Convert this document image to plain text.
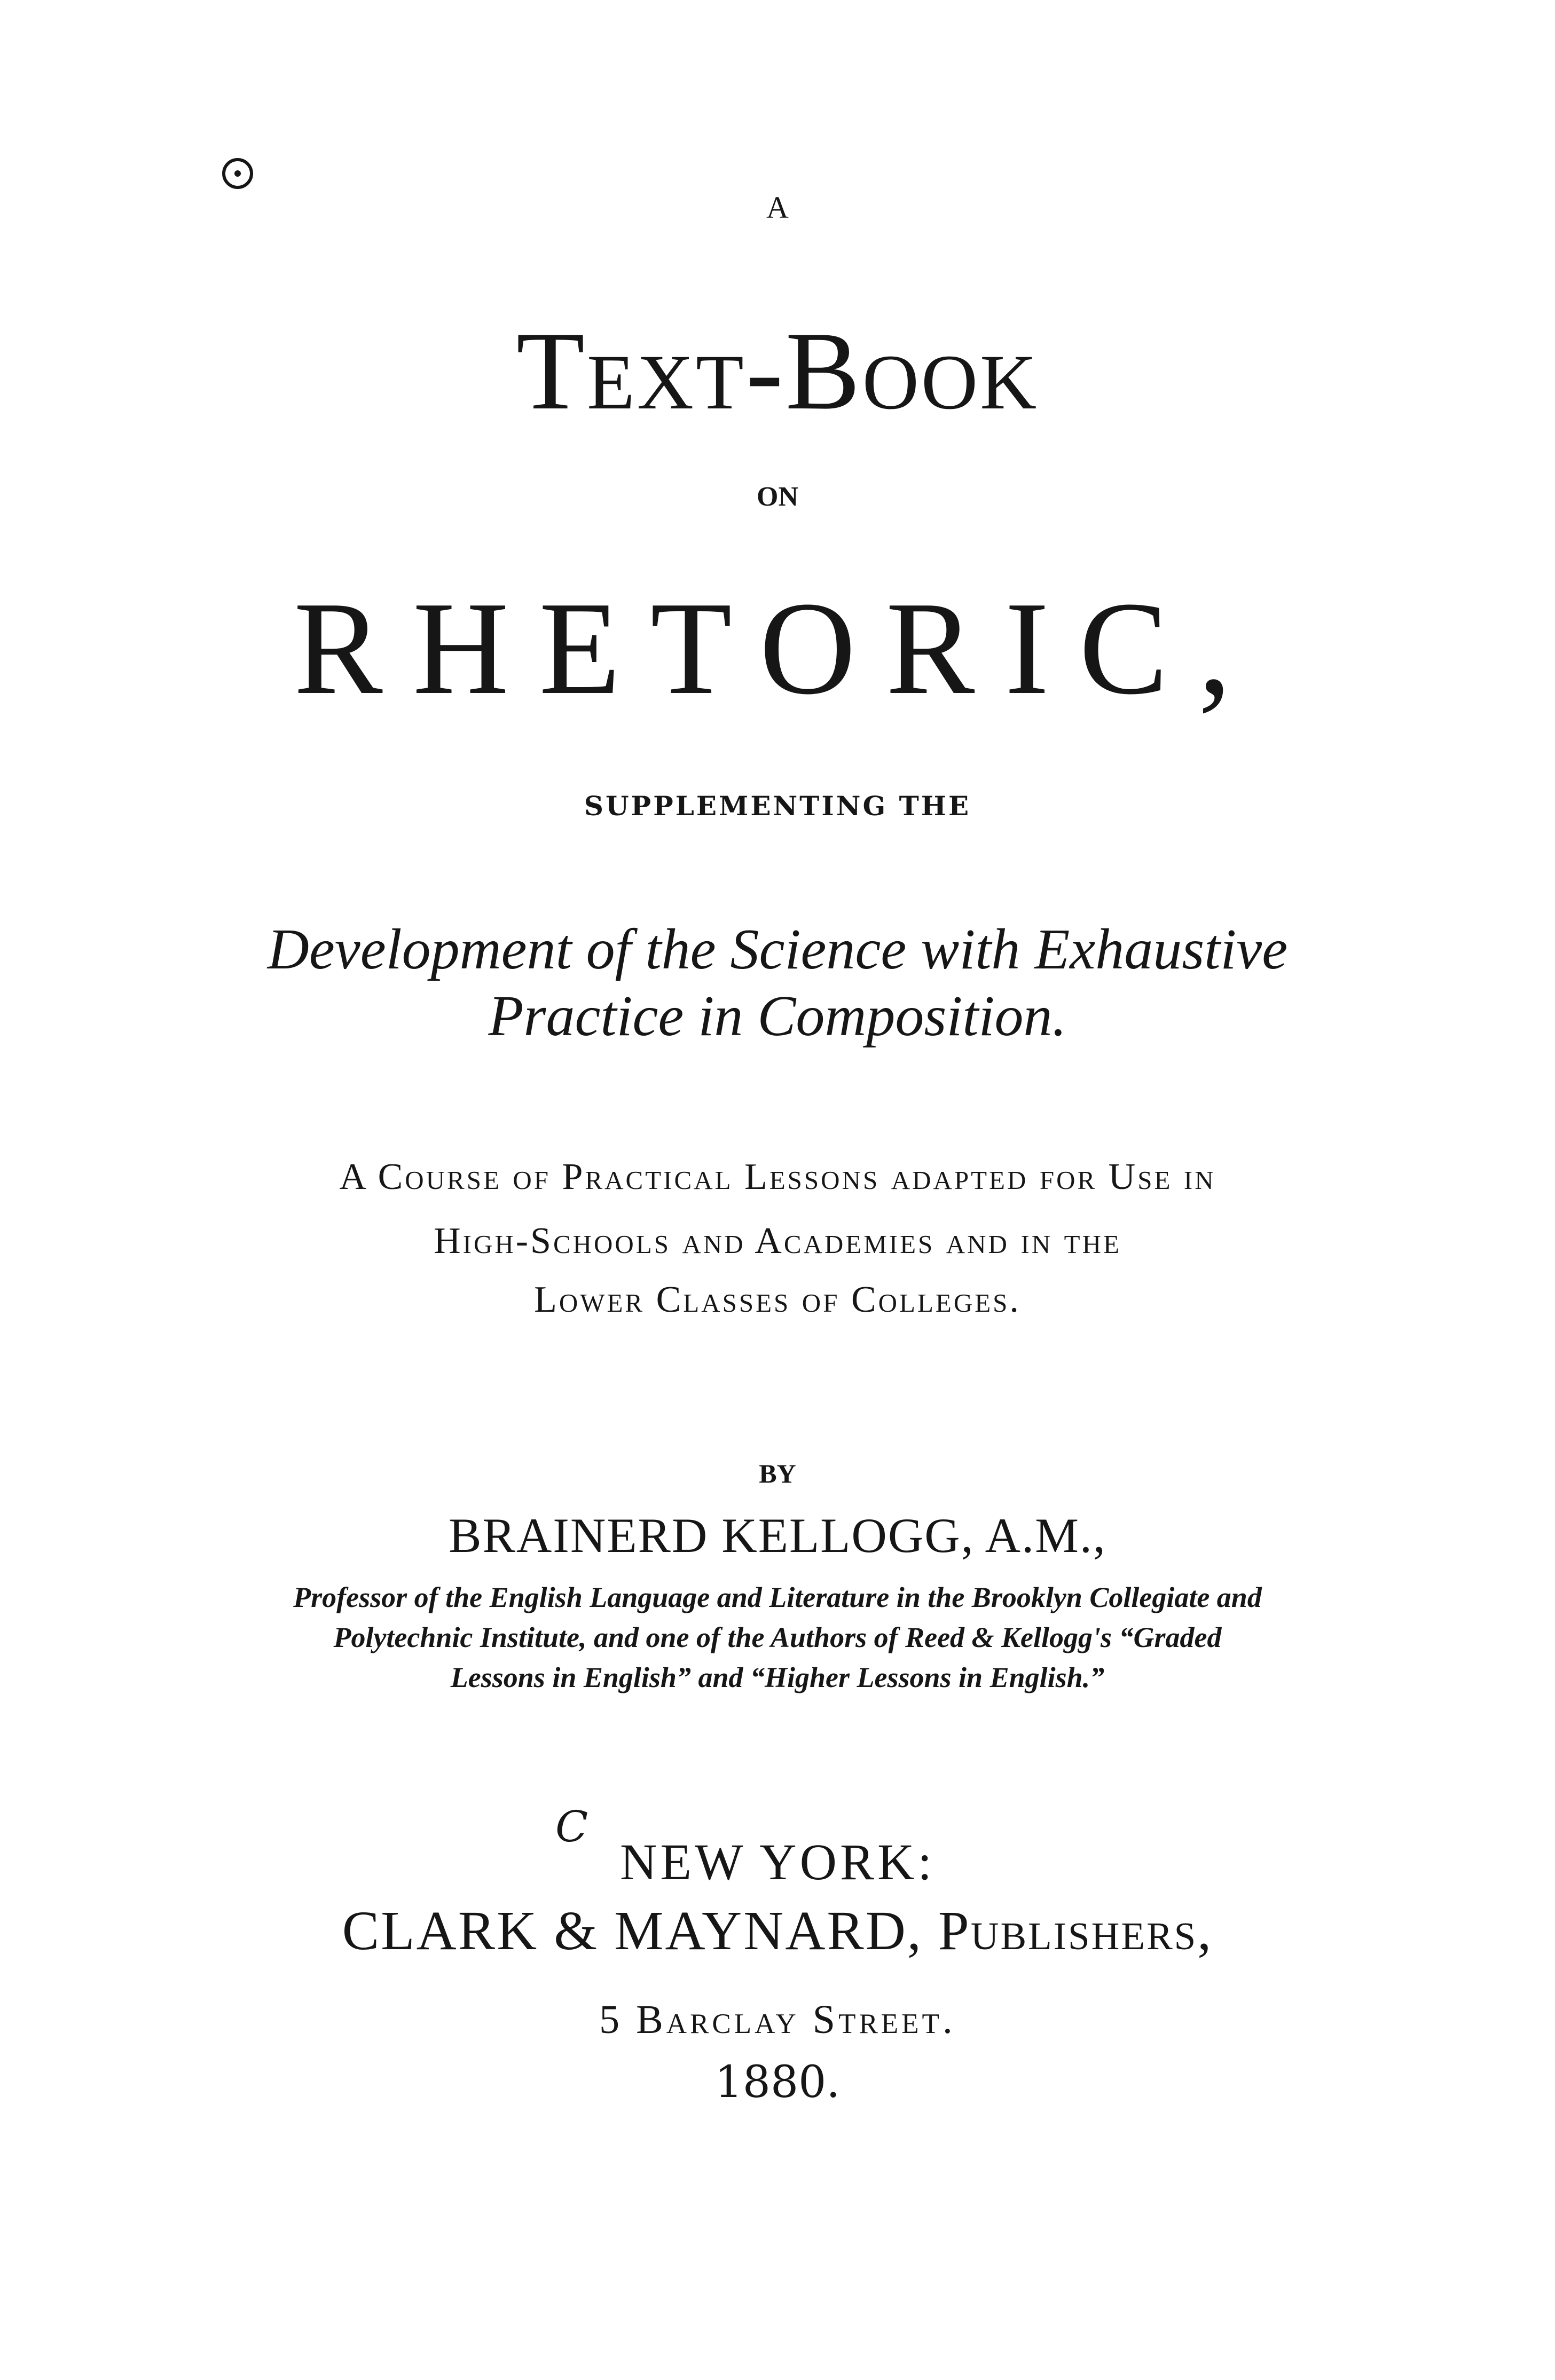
A
Text-Book
ON
RHETORIC,
SUPPLEMENTING THE
Development of the Science with Exhaustive
Practice in Composition.
A Course of Practical Lessons adapted for Use in
High-Schools and Academies and in the
Lower Classes of Colleges.
BY
BRAINERD KELLOGG, A.M.,
Professor of the English Language and Literature in the Brooklyn Collegiate and
Polytechnic Institute, and one of the Authors of Reed & Kellogg's “Graded
Lessons in English” and “Higher Lessons in English.”
C
NEW YORK:
CLARK & MAYNARD, Publishers,
5 Barclay Street.
1880.
